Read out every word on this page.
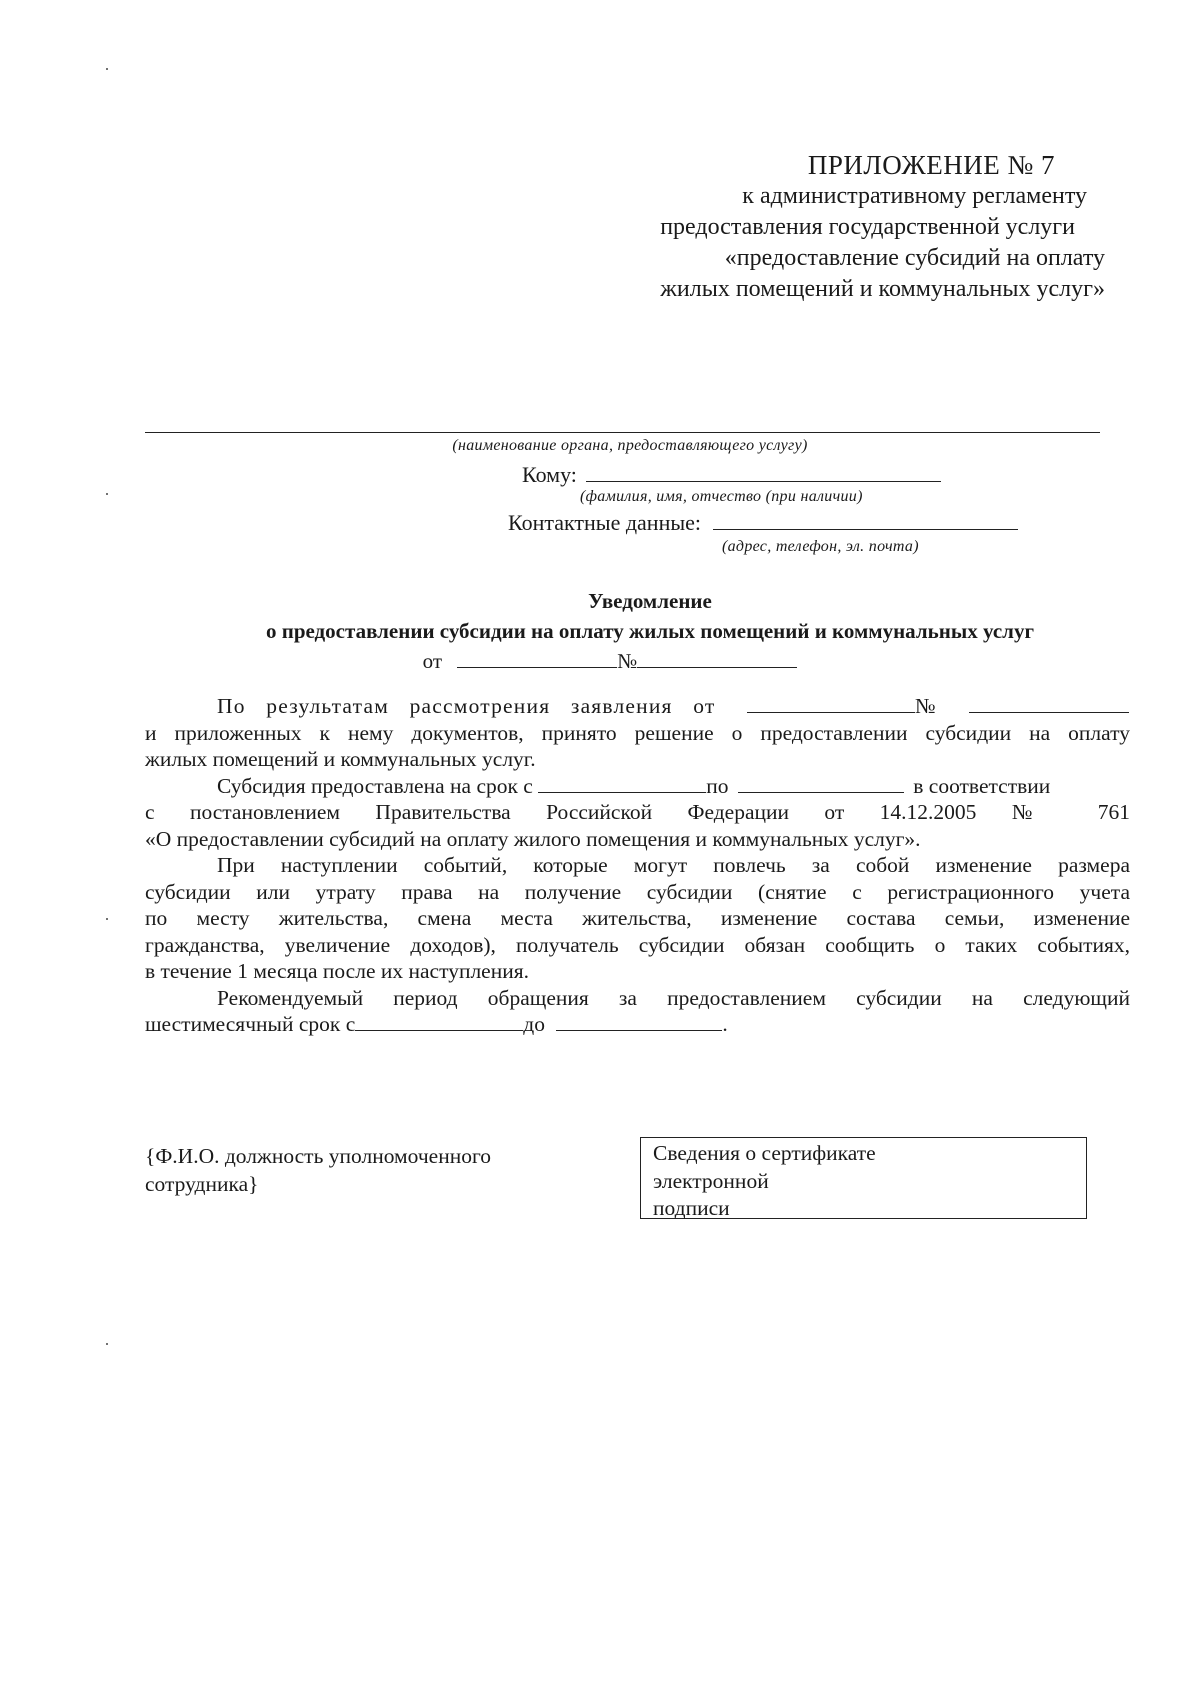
ПРИЛОЖЕНИЕ № 7
к административному регламенту
предоставления государственной услуги
«предоставление субсидий на оплату
жилых помещений и коммунальных услуг»
(наименование органа, предоставляющего услугу)
Кому:
(фамилия, имя, отчество (при наличии)
Контактные данные:
(адрес, телефон, эл. почта)
Уведомление
о предоставлении субсидии на оплату жилых помещений и коммунальных услуг
от	№
По результатам рассмотрения заявления от	№
и приложенных к нему документов, принято решение о предоставлении субсидии на оплату
жилых помещений и коммунальных услуг.
Субсидия предоставлена на срок с	по	в соответствии
с постановлением Правительства Российской Федерации от 14.12.2005 № 761
«О предоставлении субсидий на оплату жилого помещения и коммунальных услуг».
При наступлении событий, которые могут повлечь за собой изменение размера
субсидии или утрату права на получение субсидии (снятие с регистрационного учета
по месту жительства, смена места жительства, изменение состава семьи, изменение
гражданства, увеличение доходов), получатель субсидии обязан сообщить о таких событиях,
в течение 1 месяца после их наступления.
Рекомендуемый период обращения за предоставлением субсидии на следующий
шестимесячный срок с	до	.
{Ф.И.О. должность уполномоченного
сотрудника}
Сведения о сертификате
электронной
подписи
